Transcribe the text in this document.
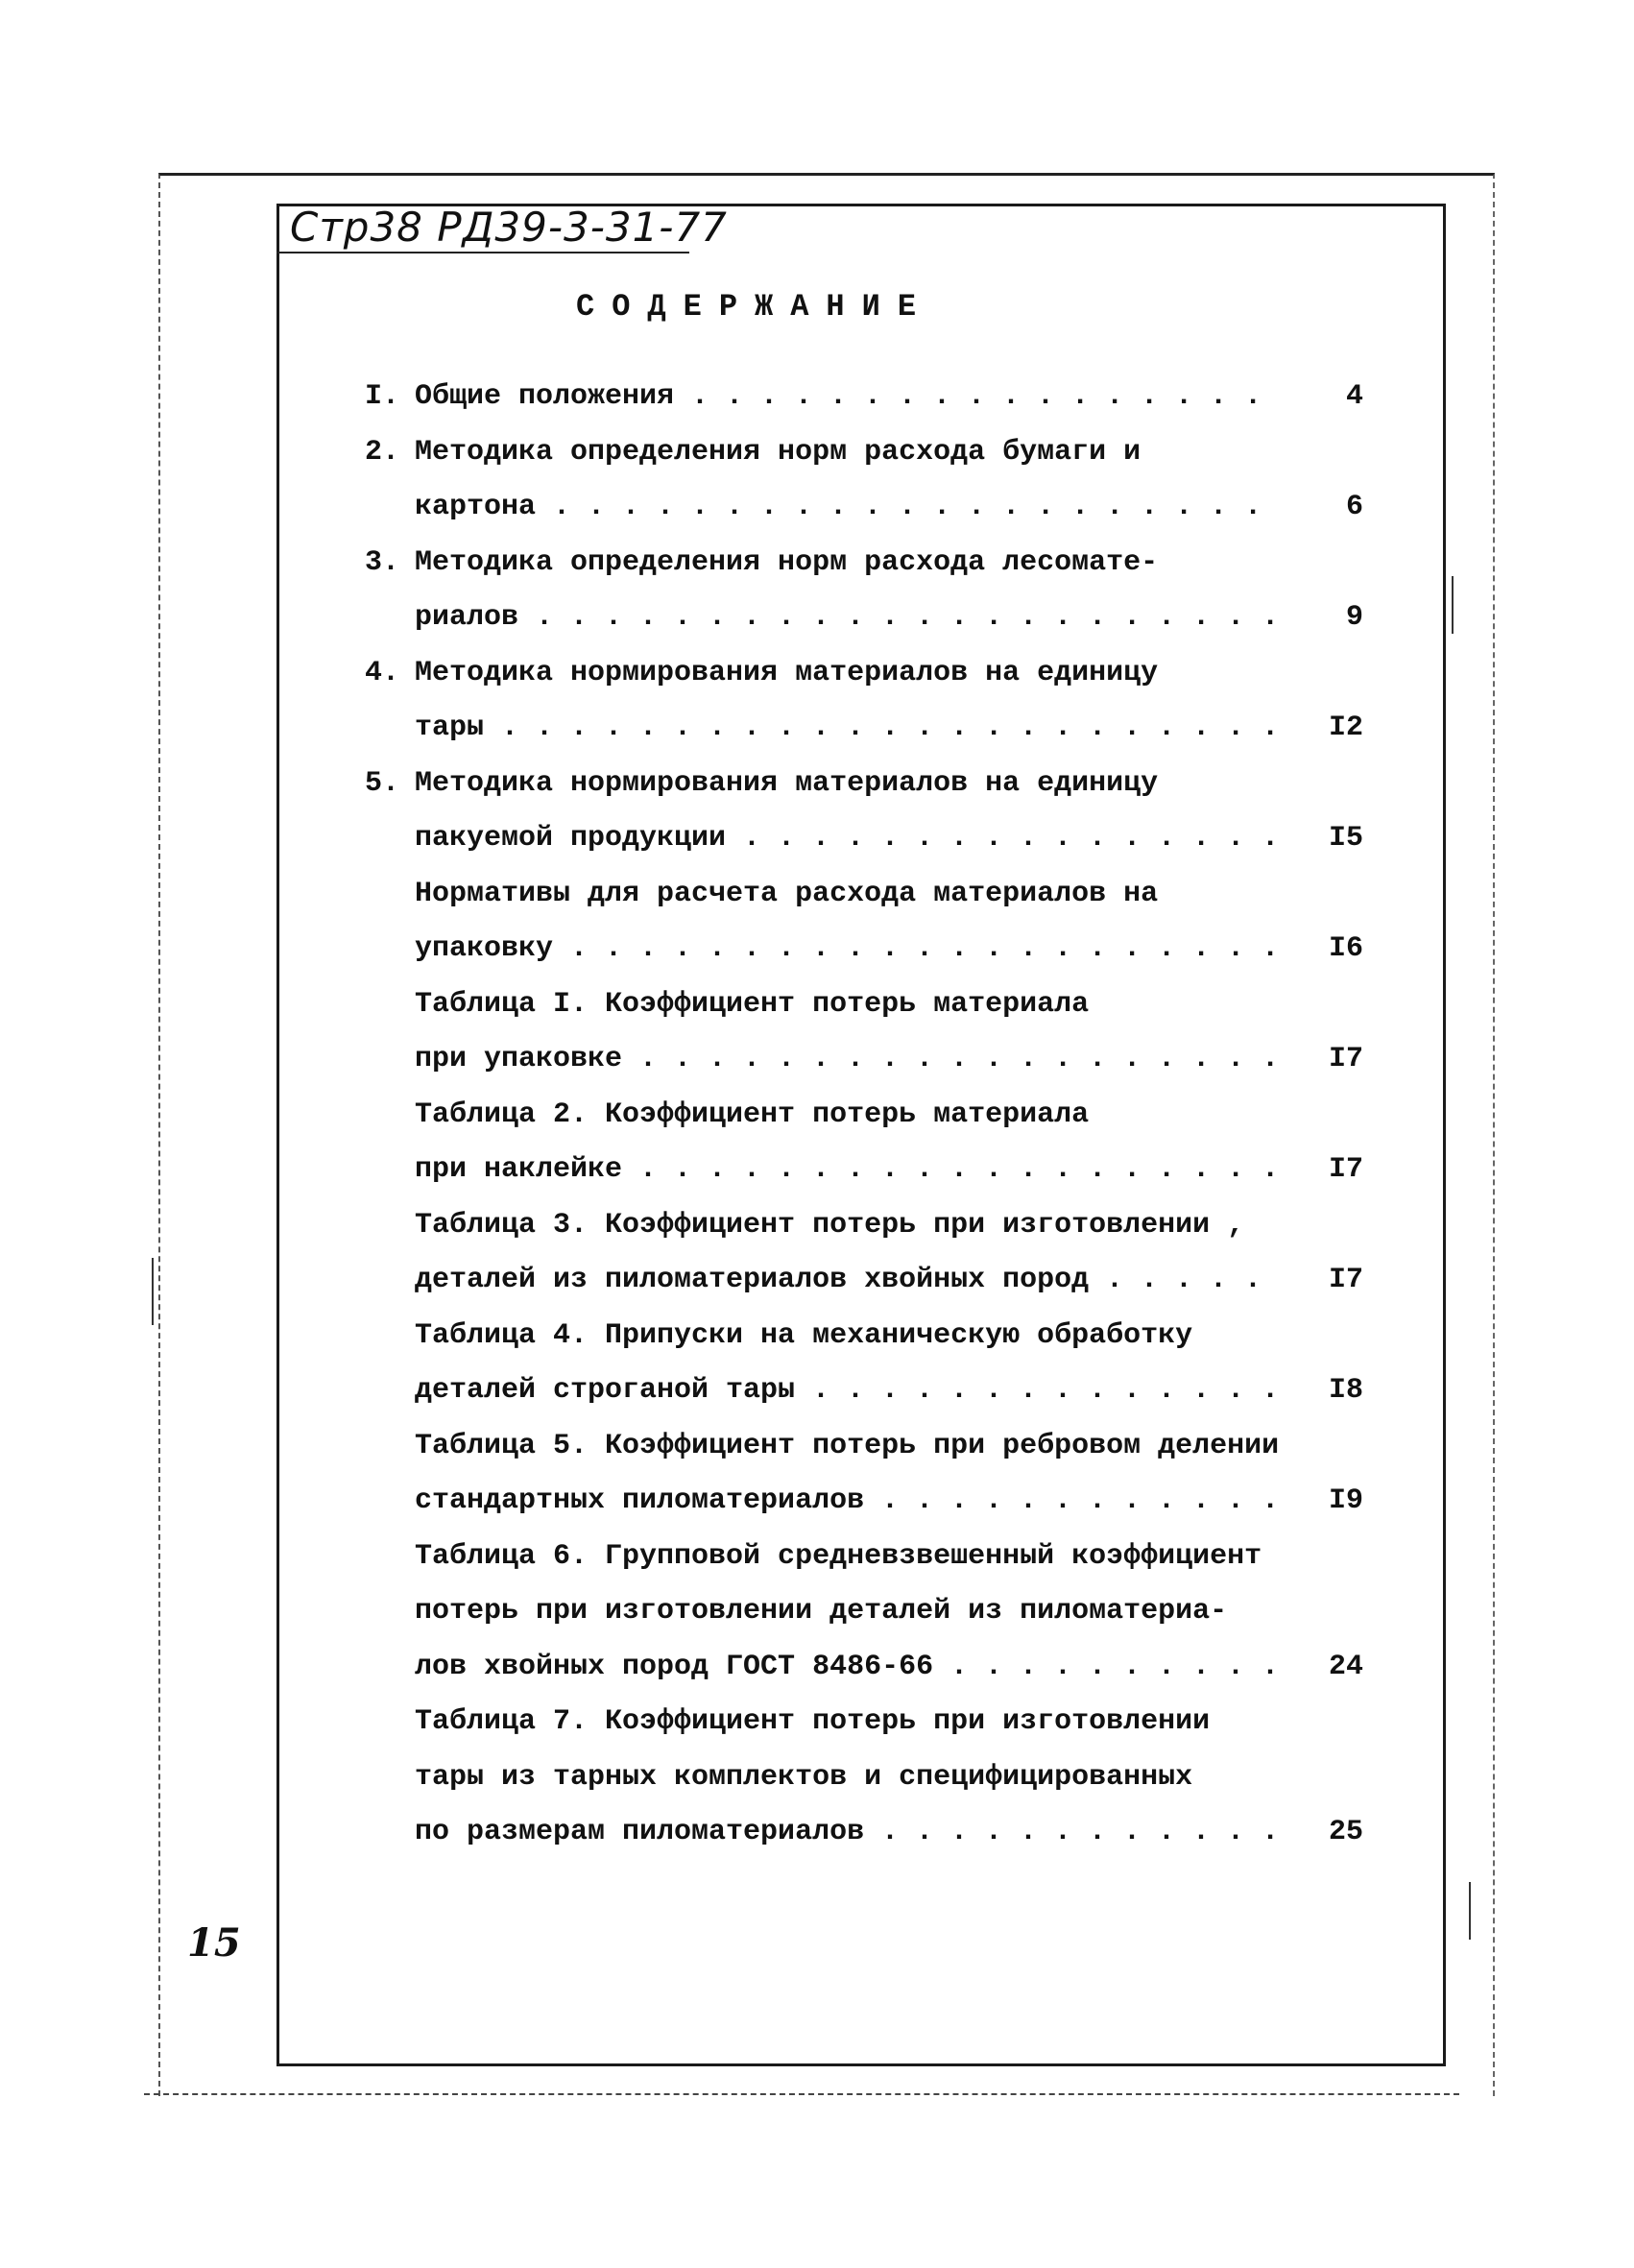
Стр38 РД39-3-31-77
СОДЕРЖАНИЕ
I. Общие положения . . . . . . . . . . . . . . . . .	4
2. Методика определения норм расхода бумаги и
картона . . . . . . . . . . . . . . . . . . . . .	6
3. Методика определения норм расхода лесомате-
риалов . . . . . . . . . . . . . . . . . . . . . . 9
4. Методика нормирования материалов на единицу
тары . . . . . . . . . . . . . . . . . . . . . . . I2
5. Методика нормирования материалов на единицу
пакуемой продукции . . . . . . . . . . . . . . . . I5
Нормативы для расчета расхода материалов на
упаковку . . . . . . . . . . . . . . . . . . . . . I6
Таблица I. Коэффициент потерь материала
при упаковке . . . . . . . . . . . . . . . . . . . I7
Таблица 2. Коэффициент потерь материала
при наклейке . . . . . . . . . . . . . . . . . . . I7
Таблица 3. Коэффициент потерь при изготовлении ,
деталей из пиломатериалов хвойных пород . . . . . I7
Таблица 4. Припуски на механическую обработку
деталей строганой тары . . . . . . . . . . . . . . I8
Таблица 5. Коэффициент потерь при ребровом делении
стандартных пиломатериалов . . . . . . . . . . . . I9
Таблица 6. Групповой средневзвешенный коэффициент
потерь при изготовлении деталей из пиломатериа-
лов хвойных пород ГОСТ 8486-66 . . . . . . . . . . 24
Таблица 7. Коэффициент потерь при изготовлении
тары из тарных комплектов и специфицированных
по размерам пиломатериалов . . . . . . . . . . . . 25
15
